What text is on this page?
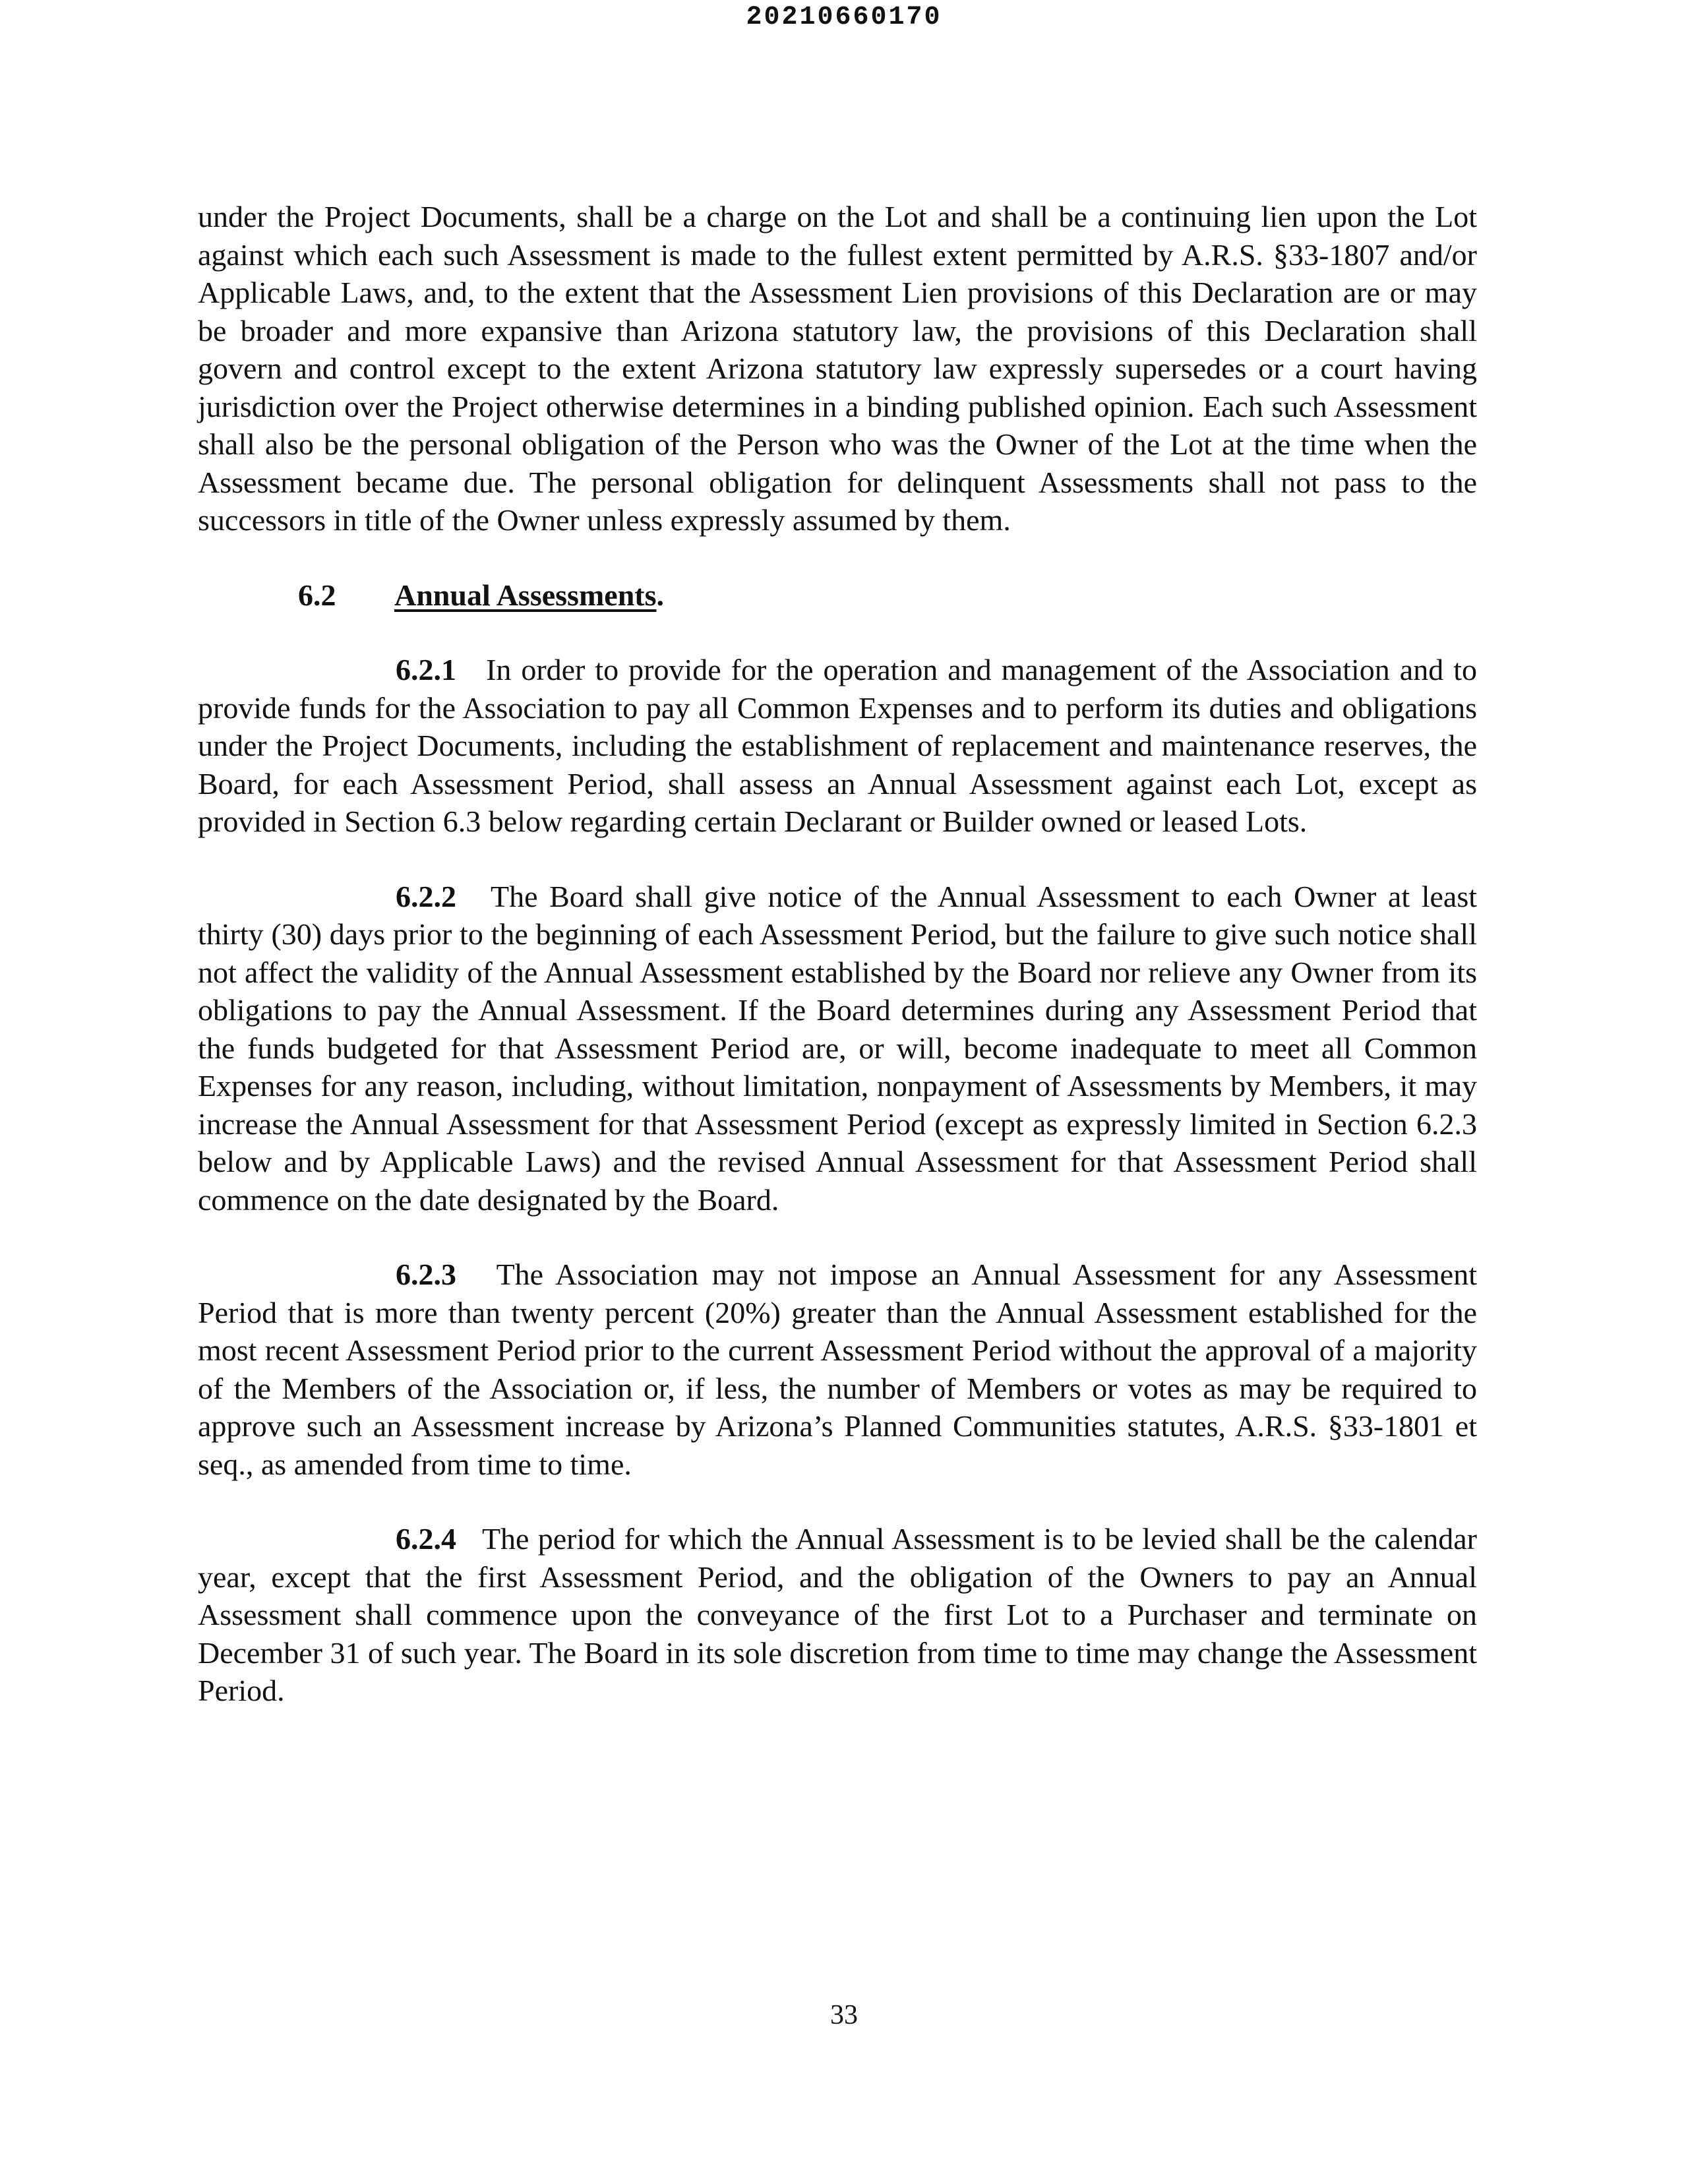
20210660170

under the Project Documents, shall be a charge on the Lot and shall be a continuing lien upon the Lot against which each such Assessment is made to the fullest extent permitted by A.R.S. §33-1807 and/or Applicable Laws, and, to the extent that the Assessment Lien provisions of this Declaration are or may be broader and more expansive than Arizona statutory law, the provisions of this Declaration shall govern and control except to the extent Arizona statutory law expressly supersedes or a court having jurisdiction over the Project otherwise determines in a binding published opinion. Each such Assessment shall also be the personal obligation of the Person who was the Owner of the Lot at the time when the Assessment became due. The personal obligation for delinquent Assessments shall not pass to the successors in title of the Owner unless expressly assumed by them.

6.2 Annual Assessments.

6.2.1 In order to provide for the operation and management of the Association and to provide funds for the Association to pay all Common Expenses and to perform its duties and obligations under the Project Documents, including the establishment of replacement and maintenance reserves, the Board, for each Assessment Period, shall assess an Annual Assessment against each Lot, except as provided in Section 6.3 below regarding certain Declarant or Builder owned or leased Lots.

6.2.2 The Board shall give notice of the Annual Assessment to each Owner at least thirty (30) days prior to the beginning of each Assessment Period, but the failure to give such notice shall not affect the validity of the Annual Assessment established by the Board nor relieve any Owner from its obligations to pay the Annual Assessment. If the Board determines during any Assessment Period that the funds budgeted for that Assessment Period are, or will, become inadequate to meet all Common Expenses for any reason, including, without limitation, nonpayment of Assessments by Members, it may increase the Annual Assessment for that Assessment Period (except as expressly limited in Section 6.2.3 below and by Applicable Laws) and the revised Annual Assessment for that Assessment Period shall commence on the date designated by the Board.

6.2.3 The Association may not impose an Annual Assessment for any Assessment Period that is more than twenty percent (20%) greater than the Annual Assessment established for the most recent Assessment Period prior to the current Assessment Period without the approval of a majority of the Members of the Association or, if less, the number of Members or votes as may be required to approve such an Assessment increase by Arizona’s Planned Communities statutes, A.R.S. §33-1801 et seq., as amended from time to time.

6.2.4 The period for which the Annual Assessment is to be levied shall be the calendar year, except that the first Assessment Period, and the obligation of the Owners to pay an Annual Assessment shall commence upon the conveyance of the first Lot to a Purchaser and terminate on December 31 of such year. The Board in its sole discretion from time to time may change the Assessment Period.

33
